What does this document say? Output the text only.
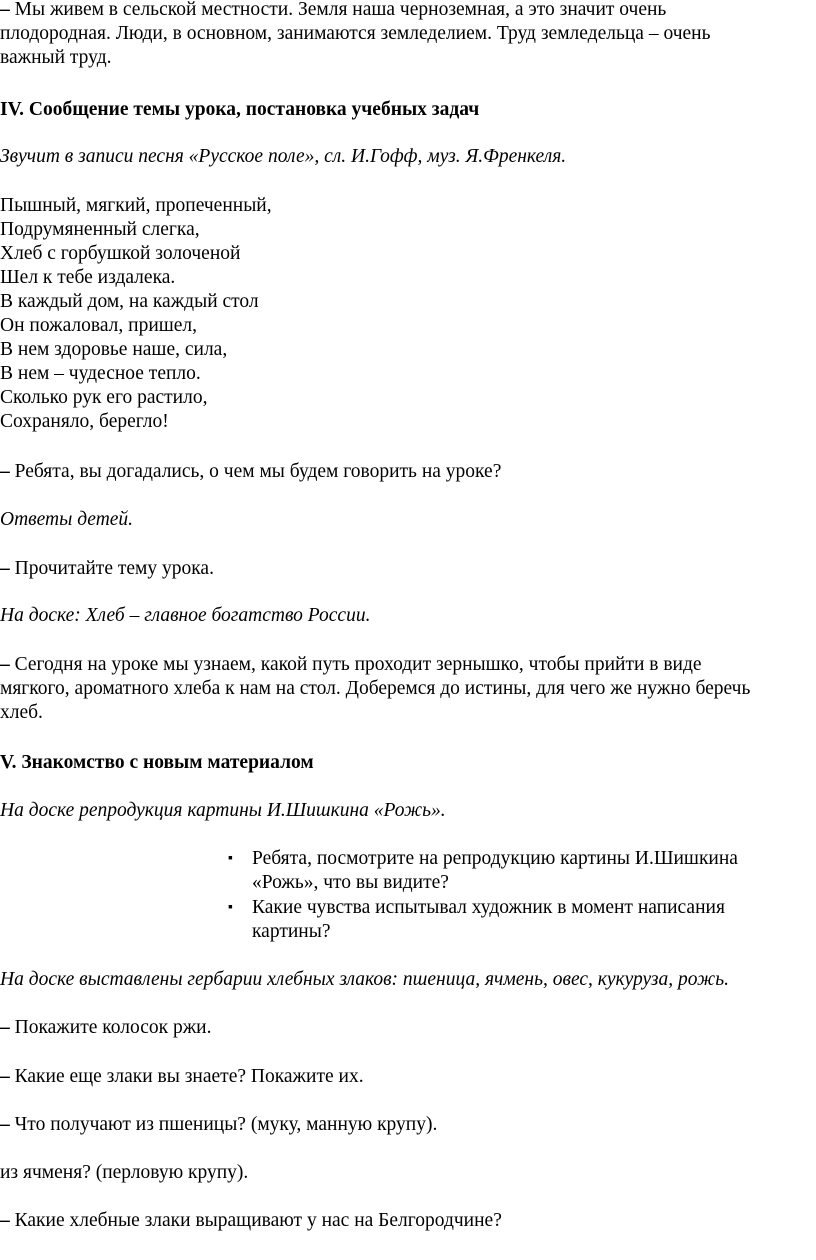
– Мы живем в сельской местности. Земля наша черноземная, а это значит очень
плодородная. Люди, в основном, занимаются земледелием. Труд земледельца – очень
важный труд.
IV. Сообщение темы урока, постановка учебных задач
Звучит в записи песня «Русское поле», сл. И.Гофф, муз. Я.Френкеля.
Пышный, мягкий, пропеченный,
Подрумяненный слегка,
Хлеб с горбушкой золоченой
Шел к тебе издалека.
В каждый дом, на каждый стол
Он пожаловал, пришел,
В нем здоровье наше, сила,
В нем – чудесное тепло.
Сколько рук его растило,
Сохраняло, берегло!
– Ребята, вы догадались, о чем мы будем говорить на уроке?
Ответы детей.
– Прочитайте тему урока.
На доске: Хлеб – главное богатство России.
– Сегодня на уроке мы узнаем, какой путь проходит зернышко, чтобы прийти в виде
мягкого, ароматного хлеба к нам на стол. Доберемся до истины, для чего же нужно беречь
хлеб.
V. Знакомство с новым материалом
На доске репродукция картины И.Шишкина «Рожь».
▪ Ребята, посмотрите на репродукцию картины И.Шишкина
«Рожь», что вы видите?
▪ Какие чувства испытывал художник в момент написания
картины?
На доске выставлены гербарии хлебных злаков: пшеница, ячмень, овес, кукуруза, рожь.
– Покажите колосок ржи.
– Какие еще злаки вы знаете? Покажите их.
– Что получают из пшеницы? (муку, манную крупу).
из ячменя? (перловую крупу).
– Какие хлебные злаки выращивают у нас на Белгородчине?
